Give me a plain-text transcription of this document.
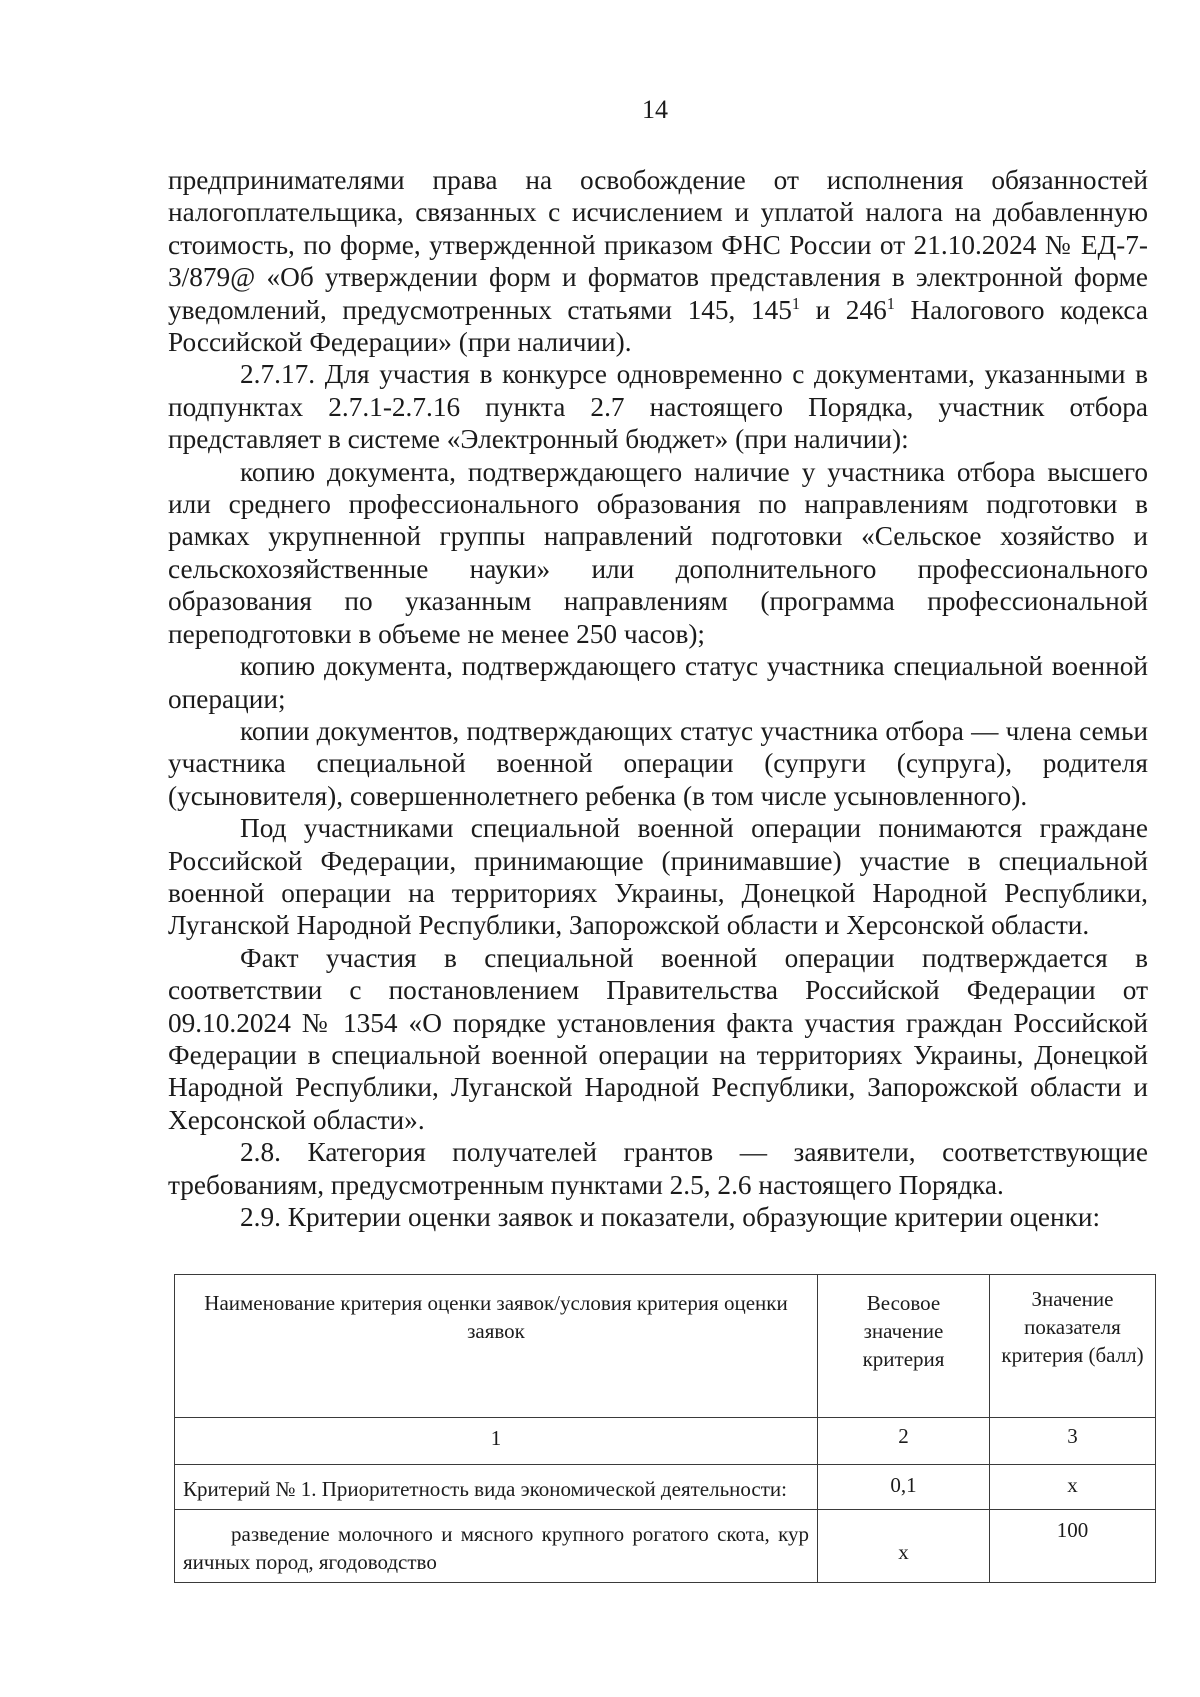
14

предпринимателями права на освобождение от исполнения обязанностей налогоплательщика, связанных с исчислением и уплатой налога на добавленную стоимость, по форме, утвержденной приказом ФНС России от 21.10.2024 № ЕД-7-3/879@ «Об утверждении форм и форматов представления в электронной форме уведомлений, предусмотренных статьями 145, $145^1$ и $246^1$ Налогового кодекса Российской Федерации» (при наличии).

2.7.17. Для участия в конкурсе одновременно с документами, указанными в подпунктах 2.7.1-2.7.16 пункта 2.7 настоящего Порядка, участник отбора представляет в системе «Электронный бюджет» (при наличии):

копию документа, подтверждающего наличие у участника отбора высшего или среднего профессионального образования по направлениям подготовки в рамках укрупненной группы направлений подготовки «Сельское хозяйство и сельскохозяйственные науки» или дополнительного профессионального образования по указанным направлениям (программа профессиональной переподготовки в объеме не менее 250 часов);

копию документа, подтверждающего статус участника специальной военной операции;

копии документов, подтверждающих статус участника отбора — члена семьи участника специальной военной операции (супруги (супруга), родителя (усыновителя), совершеннолетнего ребенка (в том числе усыновленного).

Под участниками специальной военной операции понимаются граждане Российской Федерации, принимающие (принимавшие) участие в специальной военной операции на территориях Украины, Донецкой Народной Республики, Луганской Народной Республики, Запорожской области и Херсонской области.

Факт участия в специальной военной операции подтверждается в соответствии с постановлением Правительства Российской Федерации от 09.10.2024 № 1354 «О порядке установления факта участия граждан Российской Федерации в специальной военной операции на территориях Украины, Донецкой Народной Республики, Луганской Народной Республики, Запорожской области и Херсонской области».

2.8. Категория получателей грантов — заявители, соответствующие требованиям, предусмотренным пунктами 2.5, 2.6 настоящего Порядка.

2.9. Критерии оценки заявок и показатели, образующие критерии оценки:

Наименование критерия оценки заявок/условия критерия оценки заявок	Весовое значение критерия	Значение показателя критерия (балл)
1	2	3
Критерий № 1. Приоритетность вида экономической деятельности:	0,1	х
разведение молочного и мясного крупного рогатого скота, кур яичных пород, ягодоводство	х	100
